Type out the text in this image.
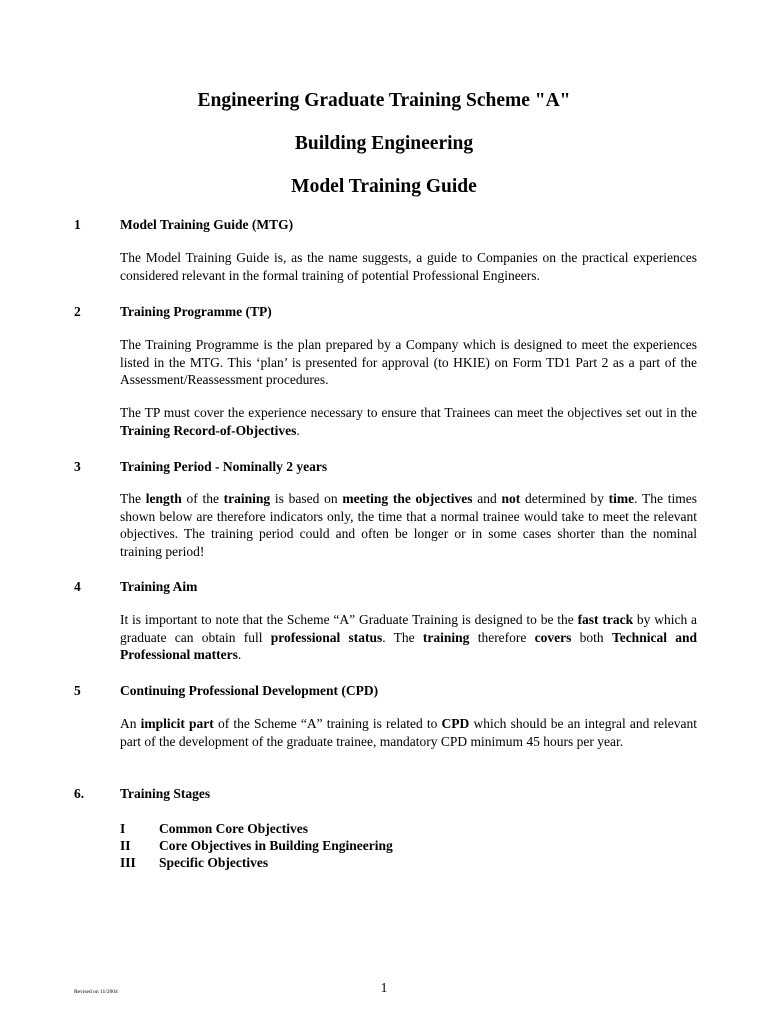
Engineering Graduate Training Scheme "A"
Building Engineering
Model Training Guide
1	Model Training Guide (MTG)

The Model Training Guide is, as the name suggests, a guide to Companies on the practical experiences considered relevant in the formal training of potential Professional Engineers.

2	Training Programme (TP)

The Training Programme is the plan prepared by a Company which is designed to meet the experiences listed in the MTG. This ‘plan’ is presented for approval (to HKIE) on Form TD1 Part 2 as a part of the Assessment/Reassessment procedures.

The TP must cover the experience necessary to ensure that Trainees can meet the objectives set out in the Training Record-of-Objectives.

3	Training Period - Nominally 2 years

The length of the training is based on meeting the objectives and not determined by time. The times shown below are therefore indicators only, the time that a normal trainee would take to meet the relevant objectives. The training period could and often be longer or in some cases shorter than the nominal training period!

4	Training Aim

It is important to note that the Scheme “A” Graduate Training is designed to be the fast track by which a graduate can obtain full professional status. The training therefore covers both Technical and Professional matters.

5	Continuing Professional Development (CPD)

An implicit part of the Scheme “A” training is related to CPD which should be an integral and relevant part of the development of the graduate trainee, mandatory CPD minimum 45 hours per year.

6.	Training Stages
I Common Core Objectives
II Core Objectives in Building Engineering
III Specific Objectives
Revised on 11/2004	1
